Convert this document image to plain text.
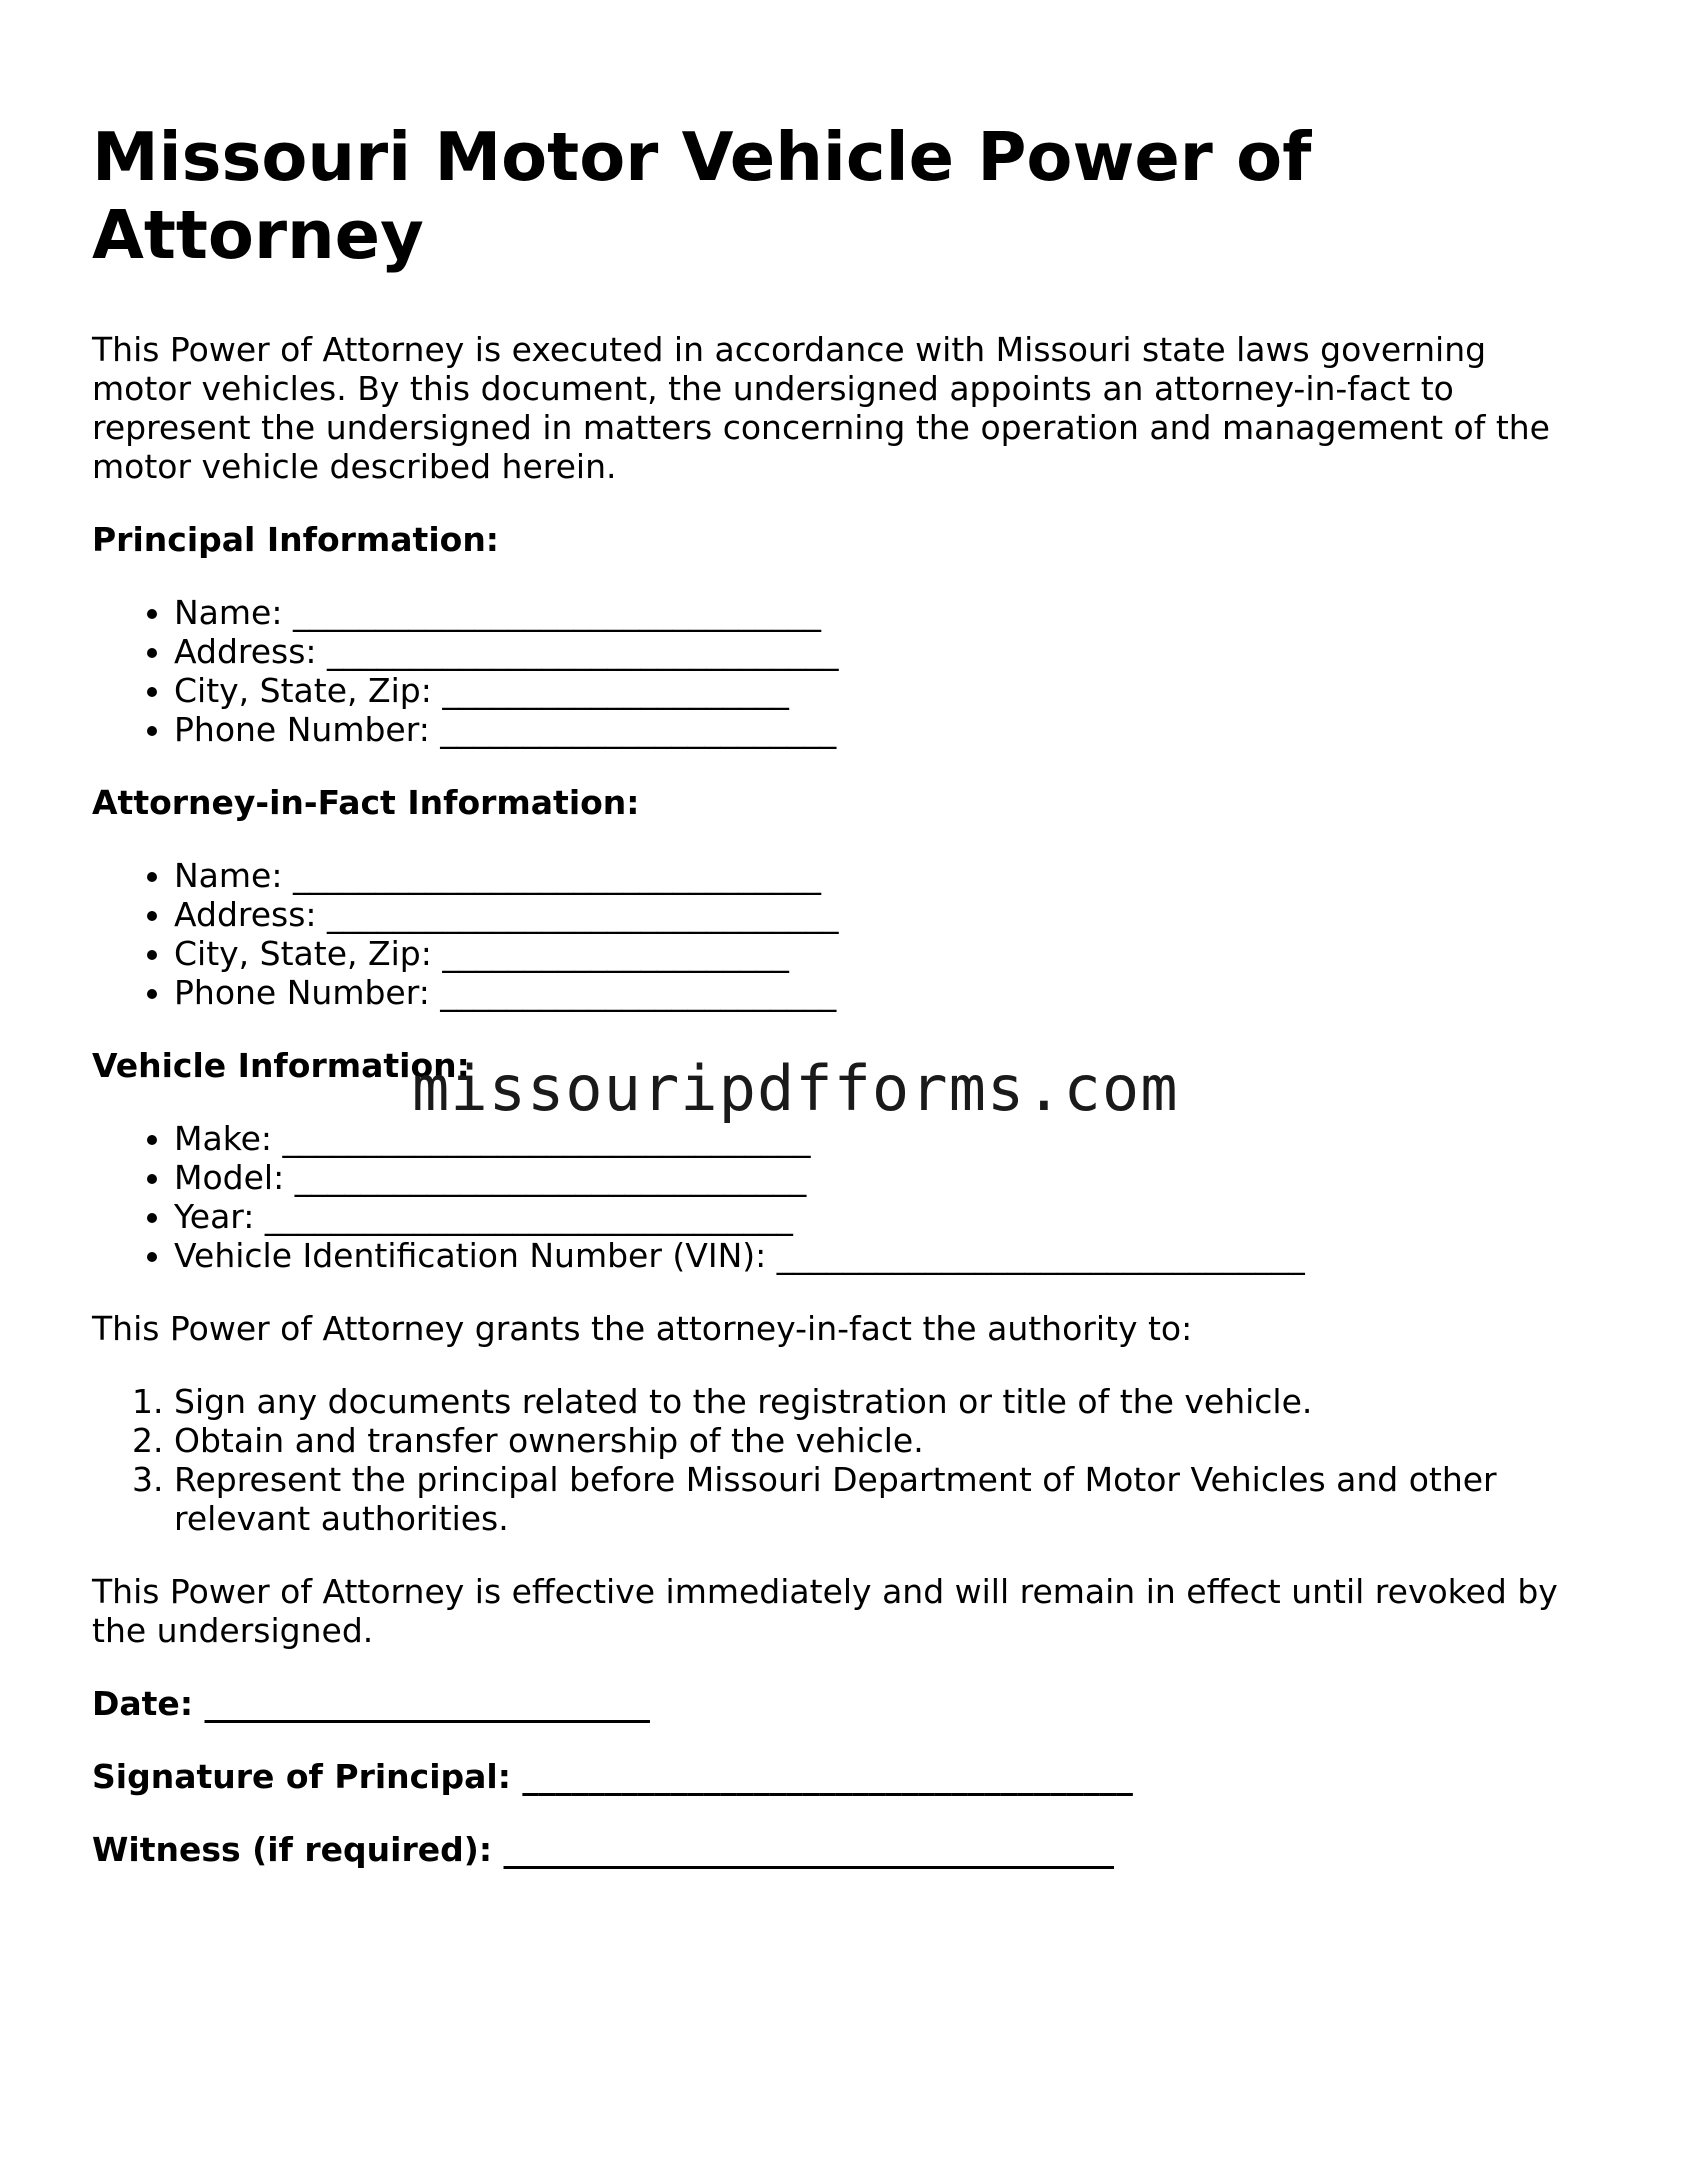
Missouri Motor Vehicle Power of Attorney

This Power of Attorney is executed in accordance with Missouri state laws governing motor vehicles. By this document, the undersigned appoints an attorney-in-fact to represent the undersigned in matters concerning the operation and management of the motor vehicle described herein.

Principal Information:
• Name: ________________________________
• Address: _______________________________
• City, State, Zip: _____________________
• Phone Number: ________________________
Attorney-in-Fact Information:
• Name: ________________________________
• Address: _______________________________
• City, State, Zip: _____________________
• Phone Number: ________________________
Vehicle Information:
• Make: ________________________________
• Model: _______________________________
• Year: ________________________________
• Vehicle Identification Number (VIN): ________________________________

This Power of Attorney grants the attorney-in-fact the authority to:

1. Sign any documents related to the registration or title of the vehicle.
2. Obtain and transfer ownership of the vehicle.
3. Represent the principal before Missouri Department of Motor Vehicles and other relevant authorities.

This Power of Attorney is effective immediately and will remain in effect until revoked by the undersigned.

Date: ___________________________
Signature of Principal: _____________________________________
Witness (if required): _____________________________________
missouripdfforms.com
